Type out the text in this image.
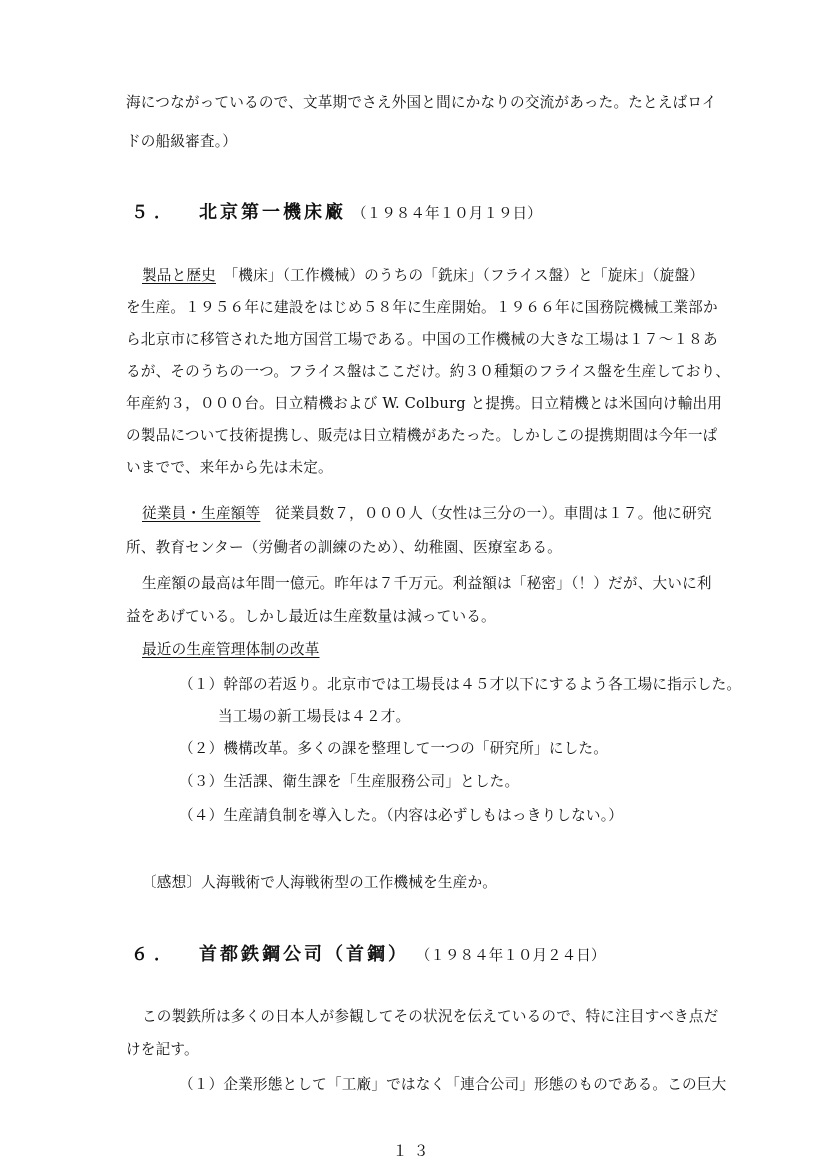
海につながっているので、文革期でさえ外国と間にかなりの交流があった。たとえばロイ
ドの船級審査。）
５． 北京第一機床廠 （１９８４年１０月１９日）
製品と歴史　 「機床」（工作機械）のうちの「銑床」（フライス盤）と「旋床」（旋盤）
を生産。１９５６年に建設をはじめ５８年に生産開始。１９６６年に国務院機械工業部か
ら北京市に移管された地方国営工場である。中国の工作機械の大きな工場は１７～１８あ
るが、そのうちの一つ。フライス盤はここだけ。約３０種類のフライス盤を生産しており、
年産約３，０００台。日立精機および W. Colburg と提携。日立精機とは米国向け輸出用
の製品について技術提携し、販売は日立精機があたった。しかしこの提携期間は今年一ぱ
いまでで、来年から先は未定。
従業員・生産額等　 従業員数７，０００人（女性は三分の一）。車間は１７。他に研究
所、教育センター（労働者の訓練のため）、幼稚園、医療室ある。
生産額の最高は年間一億元。昨年は７千万元。利益額は「秘密」（！）だが、大いに利
益をあげている。しかし最近は生産数量は減っている。
最近の生産管理体制の改革
（１）幹部の若返り。北京市では工場長は４５才以下にするよう各工場に指示した。
当工場の新工場長は４２才。
（２）機構改革。多くの課を整理して一つの「研究所」にした。
（３）生活課、衛生課を「生産服務公司」とした。
（４）生産請負制を導入した。（内容は必ずしもはっきりしない。）
〔感想〕人海戦術で人海戦術型の工作機械を生産か。
６． 首都鉄鋼公司（首鋼） （１９８４年１０月２４日）
この製鉄所は多くの日本人が参観してその状況を伝えているので、特に注目すべき点だ
けを記す。
（１）企業形態として「工廠」ではなく「連合公司」形態のものである。この巨大
１３
